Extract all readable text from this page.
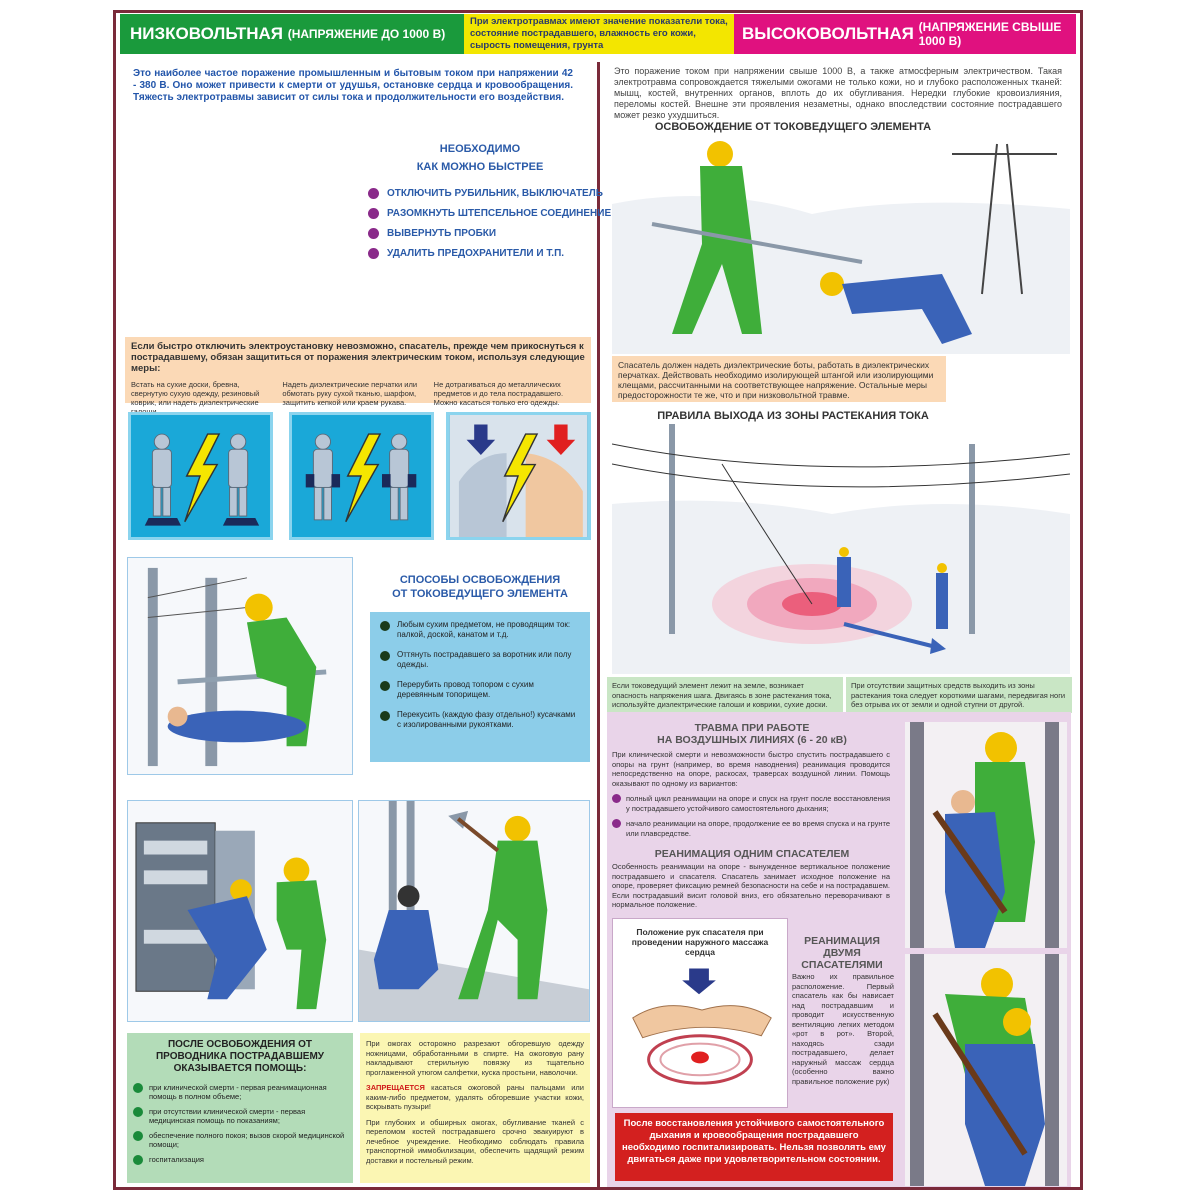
НИЗКОВОЛЬТНАЯ
(НАПРЯЖЕНИЕ ДО 1000 В)
При электротравмах имеют значение показатели тока, состояние пострадавшего, влажность его кожи, сырость помещения, грунта
ВЫСОКОВОЛЬТНАЯ
(НАПРЯЖЕНИЕ СВЫШЕ 1000 В)
Это наиболее частое поражение промышленным и бытовым током при напряжении 42 - 380 В. Оно может привести к смерти от удушья, остановке сердца и кровообращения. Тяжесть электротравмы зависит от силы тока и продолжительности его воздействия.
НЕОБХОДИМО
КАК МОЖНО БЫСТРЕЕ
ОТКЛЮЧИТЬ РУБИЛЬНИК, ВЫКЛЮЧАТЕЛЬ
РАЗОМКНУТЬ ШТЕПСЕЛЬНОЕ СОЕДИНЕНИЕ
ВЫВЕРНУТЬ ПРОБКИ
УДАЛИТЬ ПРЕДОХРАНИТЕЛИ И Т.П.
Если быстро отключить электроустановку невозможно, спасатель, прежде чем прикоснуться к пострадавшему, обязан защититься от поражения электрическим током, используя следующие меры:
Встать на сухие доски, бревна, свернутую сухую одежду, резиновый коврик, или надеть диэлектрические
Надеть диэлектрические перчатки или обмотать руку сухой тканью, шарфом, защитить кепкой или краем рукава.
Не дотрагиваться до металлических предметов и до тела пострадавшего. Можно касаться только его одежды.
СПОСОБЫ ОСВОБОЖДЕНИЯ
ОТ ТОКОВЕДУЩЕГО ЭЛЕМЕНТА
Любым сухим предметом, не проводящим ток: палкой, доской, канатом и т.д.
Оттянуть пострадавшего за воротник или полу одежды.
Перерубить провод топором с сухим деревянным топорищем.
Перекусить (каждую фазу отдельно!) кусачками с изолированными рукоятками.
ПОСЛЕ ОСВОБОЖДЕНИЯ ОТ ПРОВОДНИКА ПОСТРАДАВШЕМУ ОКАЗЫВАЕТСЯ ПОМОЩЬ:
при клинической смерти - первая реанимационная помощь в полном объеме;
при отсутствии клинической смерти - первая медицинская помощь по показаниям;
обеспечение полного покоя; вызов скорой медицинской помощи;
госпитализация

При ожогах осторожно разрезают обгоревшую одежду ножницами, обработанными в спирте. На ожоговую рану накладывают стерильную повязку из тщательно проглаженной утюгом салфетки, куска простыни, наволочки.

ЗАПРЕЩАЕТСЯ касаться ожоговой раны пальцами или каким-либо предметом, удалять обгоревшие участки кожи, вскрывать пузыри!

При глубоких и обширных ожогах, обугливание тканей с переломом костей пострадавшего срочно эвакуируют в лечебное учреждение. Необходимо соблюдать правила транспортной иммобилизации, обеспечить щадящий режим доставки и постельный режим.

Это поражение током при напряжении свыше 1000 В, а также атмосферным электричеством. Такая электротравма сопровождается тяжелыми ожогами не только кожи, но и глубоко расположенных тканей: мышц, костей, внутренних органов, вплоть до их обугливания. Нередки глубокие кровоизлияния, переломы костей. Внешне эти проявления незаметны, однако впоследствии состояние пострадавшего может резко ухудшиться.
ОСВОБОЖДЕНИЕ ОТ ТОКОВЕДУЩЕГО ЭЛЕМЕНТА
Спасатель должен надеть диэлектрические боты, работать в диэлектрических перчатках. Действовать необходимо изолирующей штангой или изолирующими клещами, рассчитанными на соответствующее напряжение. Остальные меры предосторожности те же, что и при низковольтной травме.
ПРАВИЛА ВЫХОДА ИЗ ЗОНЫ РАСТЕКАНИЯ ТОКА
Если токоведущий элемент лежит на земле, возникает опасность напряжения шага. Двигаясь в зоне растекания тока, используйте диэлектрические галоши и коврики, сухие доски.
При отсутствии защитных средств выходить из зоны растекания тока следует короткими шагами, передвигая ноги без отрыва их от земли и одной ступни от другой.
ТРАВМА ПРИ РАБОТЕ
НА ВОЗДУШНЫХ ЛИНИЯХ (6 - 20 кВ)
При клинической смерти и невозможности быстро спустить пострадавшего с опоры на грунт (например, во время наводнения) реанимация проводится непосредственно на опоре, раскосах, траверсах воздушной линии. Помощь оказывают по одному из вариантов:
полный цикл реанимации на опоре и спуск на грунт после восстановления у пострадавшего устойчивого самостоятельного дыхания;
начало реанимации на опоре, продолжение ее во время спуска и на грунте или плавсредстве.
РЕАНИМАЦИЯ ОДНИМ СПАСАТЕЛЕМ
Особенность реанимации на опоре - вынужденное вертикальное положение пострадавшего и спасателя. Спасатель занимает исходное положение на опоре, проверяет фиксацию ремней безопасности на себе и на пострадавшем. Если пострадавший висит головой вниз, его обязательно переворачивают в нормальное положение.
Положение рук спасателя при проведении наружного массажа сердца
РЕАНИМАЦИЯ
ДВУМЯ СПАСАТЕЛЯМИ
Важно их правильное расположение. Первый спасатель как бы нависает над пострадавшим и проводит искусственную вентиляцию легких методом «рот в рот». Второй, находясь сзади пострадавшего, делает наружный массаж сердца (особенно важно правильное положение рук)
После восстановления устойчивого самостоятельного дыхания и кровообращения пострадавшего необходимо госпитализировать. Нельзя позволять ему двигаться даже при удовлетворительном состоянии.
